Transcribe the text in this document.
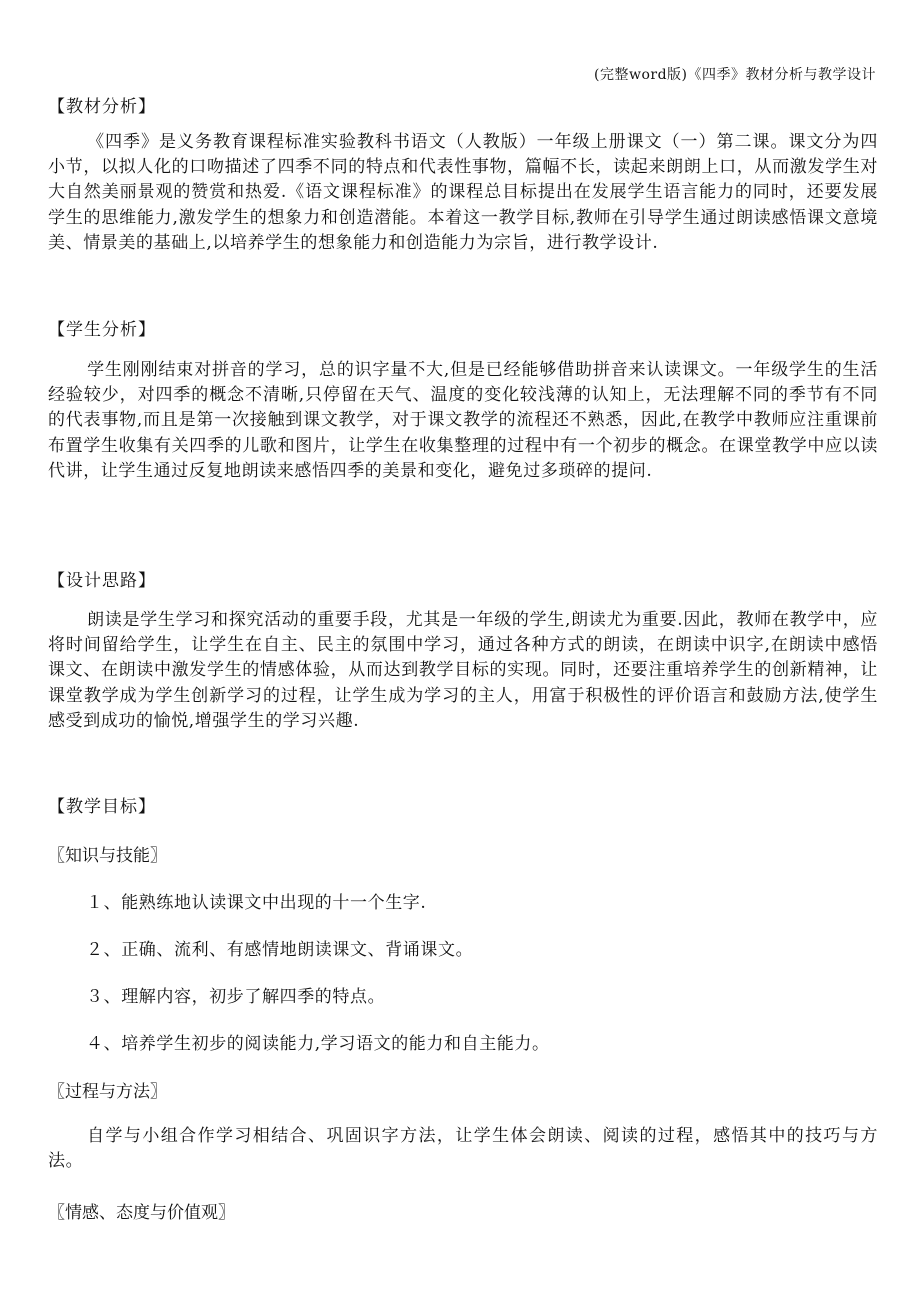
(完整word版)《四季》教材分析与教学设计
【教材分析】
《四季》是义务教育课程标准实验教科书语文（人教版）一年级上册课文（一）第二课。课文分为四小节，以拟人化的口吻描述了四季不同的特点和代表性事物，篇幅不长，读起来朗朗上口，从而激发学生对大自然美丽景观的赞赏和热爱.《语文课程标准》的课程总目标提出在发展学生语言能力的同时，还要发展学生的思维能力,激发学生的想象力和创造潜能。本着这一教学目标,教师在引导学生通过朗读感悟课文意境美、情景美的基础上,以培养学生的想象能力和创造能力为宗旨，进行教学设计.
【学生分析】
学生刚刚结束对拼音的学习，总的识字量不大,但是已经能够借助拼音来认读课文。一年级学生的生活经验较少，对四季的概念不清晰,只停留在天气、温度的变化较浅薄的认知上，无法理解不同的季节有不同的代表事物,而且是第一次接触到课文教学，对于课文教学的流程还不熟悉，因此,在教学中教师应注重课前布置学生收集有关四季的儿歌和图片，让学生在收集整理的过程中有一个初步的概念。在课堂教学中应以读代讲，让学生通过反复地朗读来感悟四季的美景和变化，避免过多琐碎的提问.
【设计思路】
朗读是学生学习和探究活动的重要手段，尤其是一年级的学生,朗读尤为重要.因此，教师在教学中，应将时间留给学生，让学生在自主、民主的氛围中学习，通过各种方式的朗读，在朗读中识字,在朗读中感悟课文、在朗读中激发学生的情感体验，从而达到教学目标的实现。同时，还要注重培养学生的创新精神，让课堂教学成为学生创新学习的过程，让学生成为学习的主人，用富于积极性的评价语言和鼓励方法,使学生感受到成功的愉悦,增强学生的学习兴趣.
【教学目标】
〖知识与技能〗
１、能熟练地认读课文中出现的十一个生字.
２、正确、流利、有感情地朗读课文、背诵课文。
３、理解内容，初步了解四季的特点。
４、培养学生初步的阅读能力,学习语文的能力和自主能力。
〖过程与方法〗
自学与小组合作学习相结合、巩固识字方法，让学生体会朗读、阅读的过程，感悟其中的技巧与方法。
〖情感、态度与价值观〗
